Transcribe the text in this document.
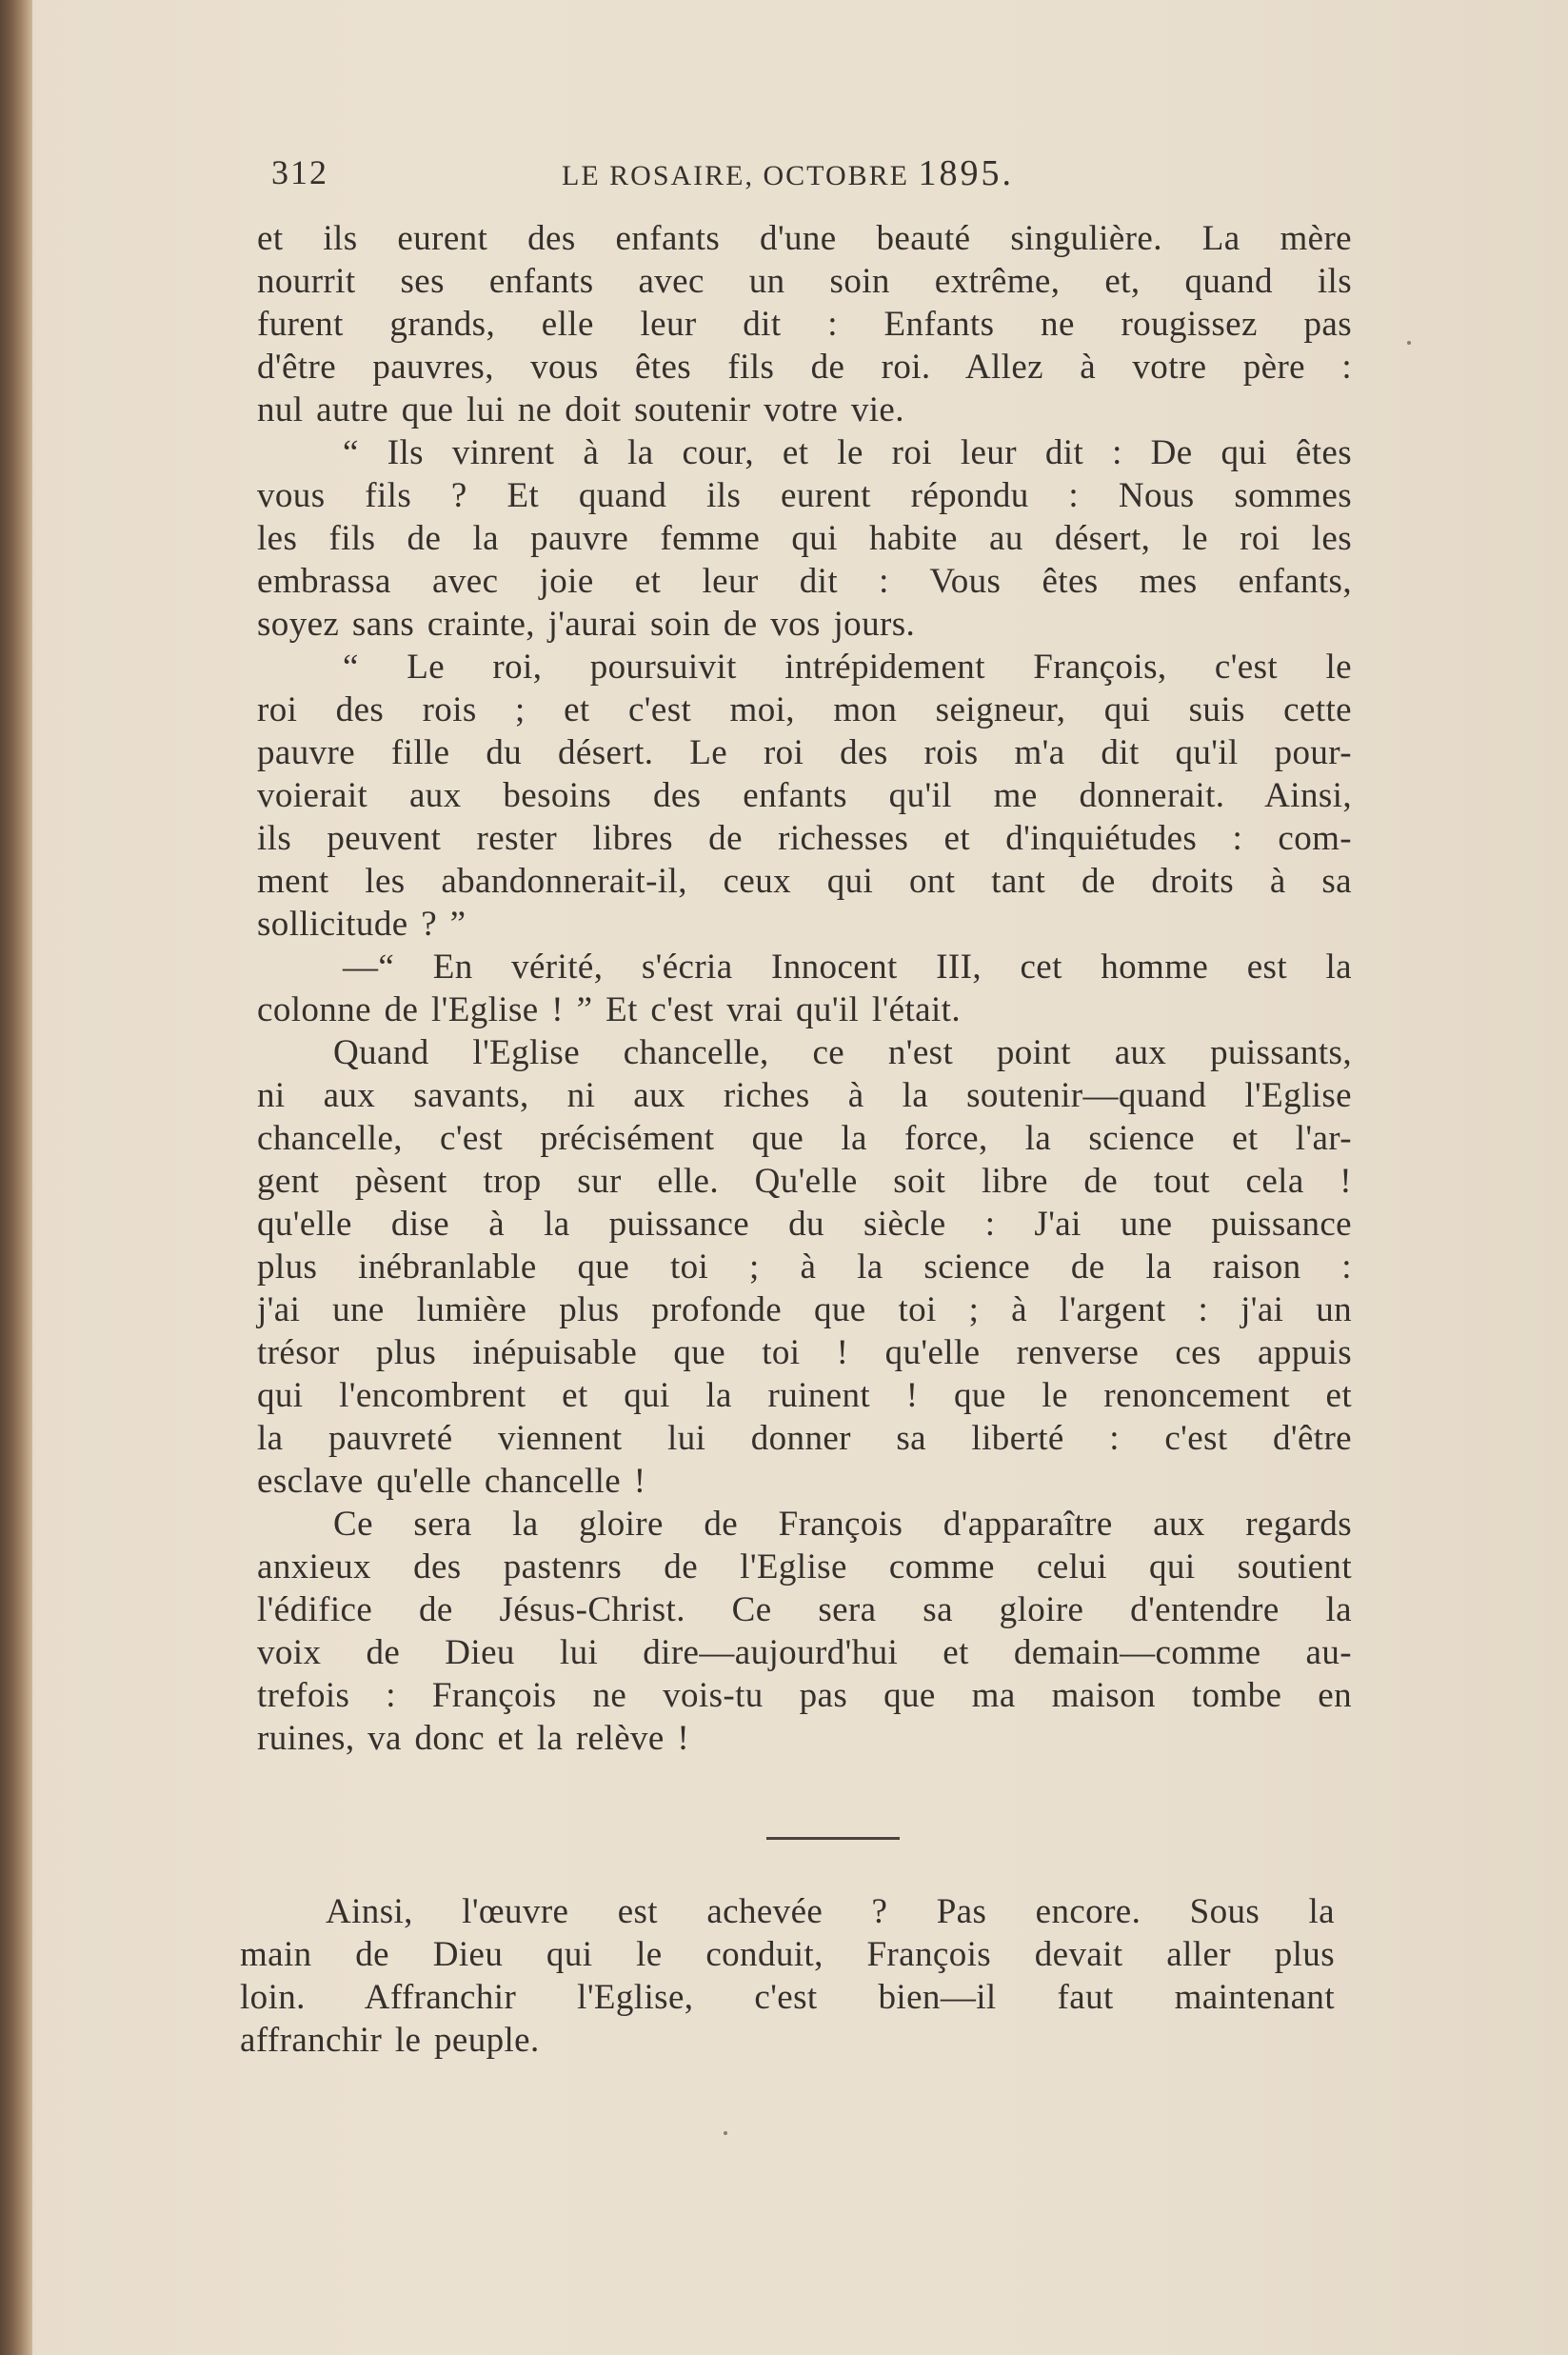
312	LE ROSAIRE, OCTOBRE 1895.
et ils eurent des enfants d'une beauté singulière. La mère
nourrit ses enfants avec un soin extrême, et, quand ils
furent grands, elle leur dit : Enfants ne rougissez pas
d'être pauvres, vous êtes fils de roi. Allez à votre père :
nul autre que lui ne doit soutenir votre vie.
“ Ils vinrent à la cour, et le roi leur dit : De qui êtes
vous fils ? Et quand ils eurent répondu : Nous sommes
les fils de la pauvre femme qui habite au désert, le roi les
embrassa avec joie et leur dit : Vous êtes mes enfants,
soyez sans crainte, j'aurai soin de vos jours.
“ Le roi, poursuivit intrépidement François, c'est le
roi des rois ; et c'est moi, mon seigneur, qui suis cette
pauvre fille du désert. Le roi des rois m'a dit qu'il pour-
voierait aux besoins des enfants qu'il me donnerait. Ainsi,
ils peuvent rester libres de richesses et d'inquiétudes : com-
ment les abandonnerait-il, ceux qui ont tant de droits à sa
sollicitude ? ”
—“ En vérité, s'écria Innocent III, cet homme est la
colonne de l'Eglise ! ” Et c'est vrai qu'il l'était.
Quand l'Eglise chancelle, ce n'est point aux puissants,
ni aux savants, ni aux riches à la soutenir—quand l'Eglise
chancelle, c'est précisément que la force, la science et l'ar-
gent pèsent trop sur elle. Qu'elle soit libre de tout cela !
qu'elle dise à la puissance du siècle : J'ai une puissance
plus inébranlable que toi ; à la science de la raison :
j'ai une lumière plus profonde que toi ; à l'argent : j'ai un
trésor plus inépuisable que toi ! qu'elle renverse ces appuis
qui l'encombrent et qui la ruinent ! que le renoncement et
la pauvreté viennent lui donner sa liberté : c'est d'être
esclave qu'elle chancelle !
Ce sera la gloire de François d'apparaître aux regards
anxieux des pastenrs de l'Eglise comme celui qui soutient
l'édifice de Jésus-Christ. Ce sera sa gloire d'entendre la
voix de Dieu lui dire—aujourd'hui et demain—comme au-
trefois : François ne vois-tu pas que ma maison tombe en
ruines, va donc et la relève !
Ainsi, l'œuvre est achevée ? Pas encore. Sous la
main de Dieu qui le conduit, François devait aller plus
loin. Affranchir l'Eglise, c'est bien—il faut maintenant
affranchir le peuple.
